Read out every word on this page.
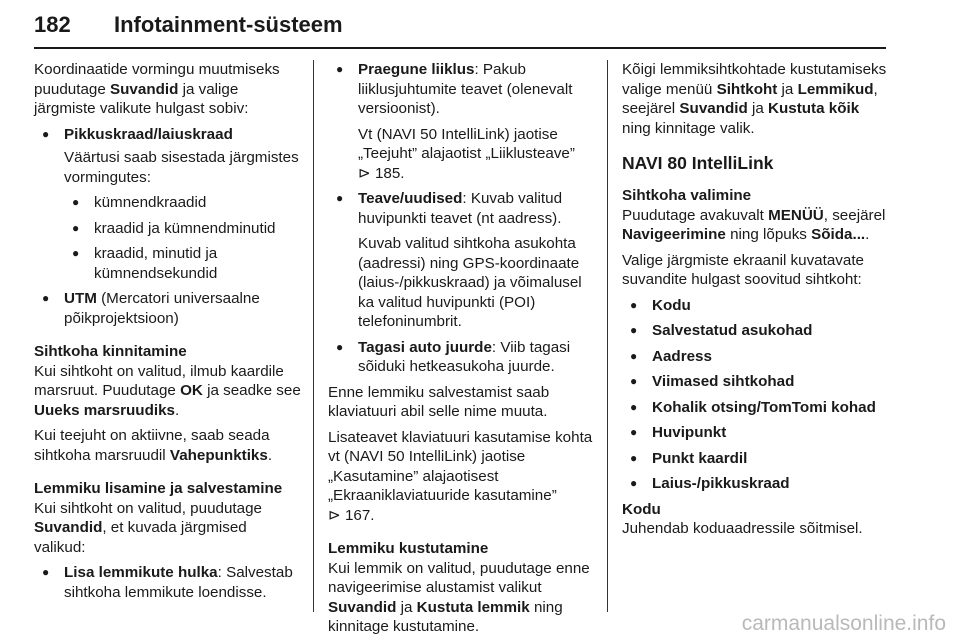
182 Infotainment-süsteem

Koordinaatide vormingu muutmiseks puudutage Suvandid ja valige järgmiste valikute hulgast sobiv:

● Pikkuskraad/laiuskraad
Väärtusi saab sisestada järgmistes vormingutes:
● kümnendkraadid
● kraadid ja kümnendminutid
● kraadid, minutid ja kümnendsekundid
● UTM (Mercatori universaalne põikprojektsioon)

Sihtkoha kinnitamine

Kui sihtkoht on valitud, ilmub kaardile marsruut. Puudutage OK ja seadke see Uueks marsruudiks.

Kui teejuht on aktiivne, saab seada sihtkoha marsruudil Vahepunktiks.

Lemmiku lisamine ja salvestamine

Kui sihtkoht on valitud, puudutage Suvandid, et kuvada järgmised valikud:

● Lisa lemmikute hulka: Salvestab sihtkoha lemmikute loendisse.
● Praegune liiklus: Pakub liiklusjuhtumite teavet (olenevalt versioonist).
Vt (NAVI 50 IntelliLink) jaotise „Teejuht” alajaotist „Liiklusteave”
⊳ 185.
● Teave/uudised: Kuvab valitud huvipunkti teavet (nt aadress).
Kuvab valitud sihtkoha asukohta (aadressi) ning GPS-koordinaate (laius-/pikkuskraad) ja võimalusel ka valitud huvipunkti (POI) telefoninumbrit.
● Tagasi auto juurde: Viib tagasi sõiduki hetkeasukoha juurde.

Enne lemmiku salvestamist saab klaviatuuri abil selle nime muuta.

Lisateavet klaviatuuri kasutamise kohta vt (NAVI 50 IntelliLink) jaotise „Kasutamine” alajaotisest „Ekraaniklaviatuuride kasutamine”
⊳ 167.

Lemmiku kustutamine

Kui lemmik on valitud, puudutage enne navigeerimise alustamist valikut Suvandid ja Kustuta lemmik ning kinnitage kustutamine.

Kõigi lemmiksihtkohtade kustutamiseks valige menüü Sihtkoht ja Lemmikud, seejärel Suvandid ja Kustuta kõik ning kinnitage valik.

NAVI 80 IntelliLink

Sihtkoha valimine

Puudutage avakuvalt MENÜÜ, seejärel Navigeerimine ning lõpuks Sõida....

Valige järgmiste ekraanil kuvatavate suvandite hulgast soovitud sihtkoht:

● Kodu
● Salvestatud asukohad
● Aadress
● Viimased sihtkohad
● Kohalik otsing/TomTomi kohad
● Huvipunkt
● Punkt kaardil
● Laius-/pikkuskraad

Kodu

Juhendab koduaadressile sõitmisel.

carmanualsonline.info
